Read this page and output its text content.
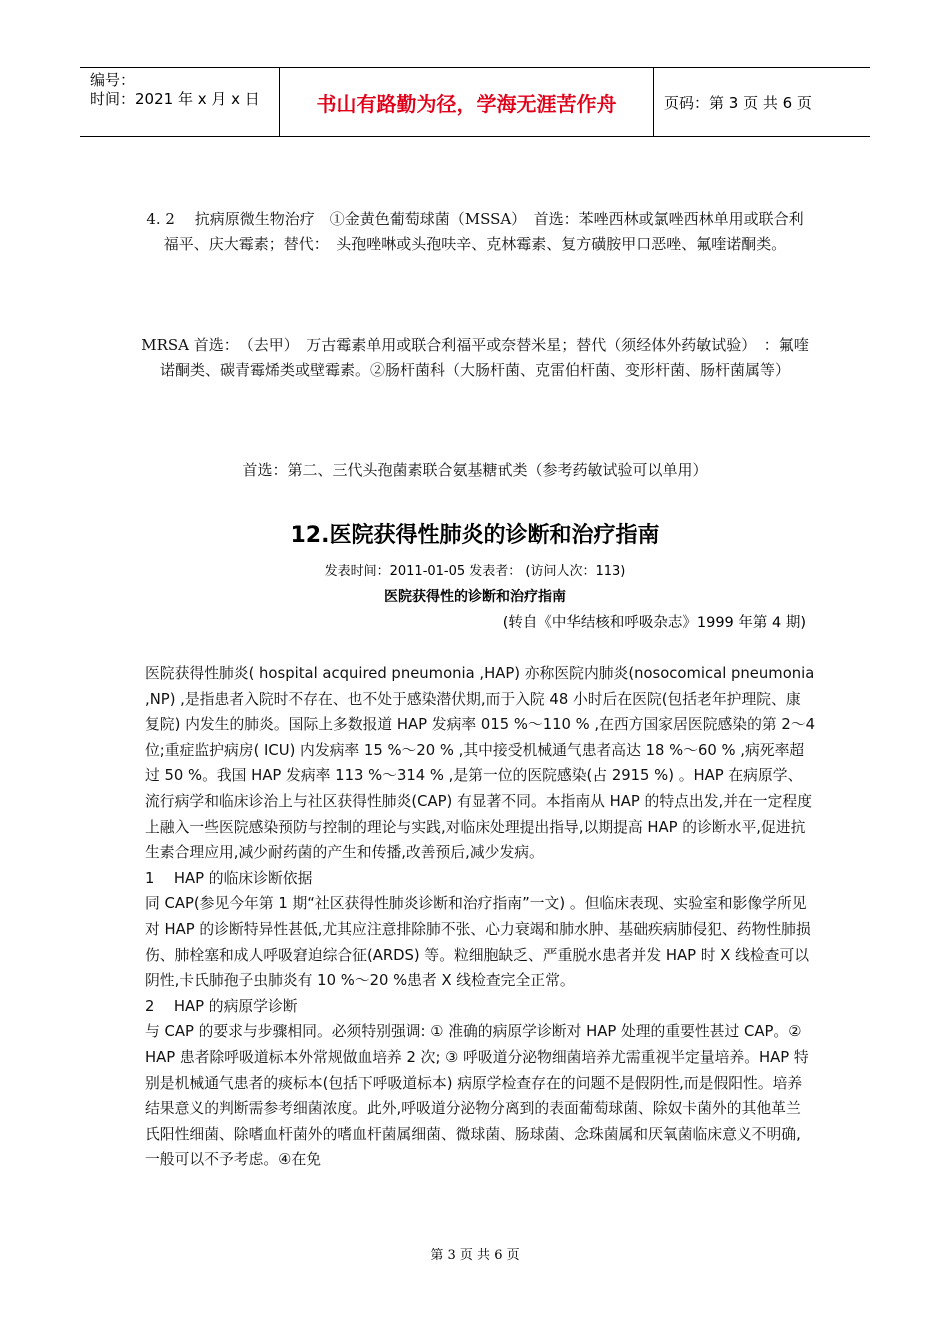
编号：
时间：2021 年 x 月 x 日	书山有路勤为径，学海无涯苦作舟	页码：第 3 页 共 6 页
4. 2　 抗病原微生物治疗　①金黄色葡萄球菌（MSSA）　首选：苯唑西林或氯唑西林单用或联合利福平、庆大霉素；替代：　头孢唑啉或头孢呋辛、克林霉素、复方磺胺甲口恶唑、氟喹诺酮类。
MRSA 首选：　（去甲）　万古霉素单用或联合利福平或奈替米星；替代（须经体外药敏试验）　：氟喹诺酮类、碳青霉烯类或壁霉素。②肠杆菌科（大肠杆菌、克雷伯杆菌、变形杆菌、肠杆菌属等）
首选：第二、三代头孢菌素联合氨基糖甙类（参考药敏试验可以单用）
12.医院获得性肺炎的诊断和治疗指南
发表时间：2011-01-05 发表者： (访问人次：113)
医院获得性的诊断和治疗指南
(转自《中华结核和呼吸杂志》1999 年第 4 期)

医院获得性肺炎( hospital acquired pneumonia ,HAP) 亦称医院内肺炎(nosocomical pneumonia ,NP) ,是指患者入院时不存在、也不处于感染潜伏期,而于入院 48 小时后在医院(包括老年护理院、康复院) 内发生的肺炎。国际上多数报道 HAP 发病率 015 %～110 % ,在西方国家居医院感染的第 2～4 位;重症监护病房( ICU) 内发病率 15 %～20 % ,其中接受机械通气患者高达 18 %～60 % ,病死率超过 50 %。我国 HAP 发病率 113 %～314 % ,是第一位的医院感染(占 2915 %) 。HAP 在病原学、流行病学和临床诊治上与社区获得性肺炎(CAP) 有显著不同。本指南从 HAP 的特点出发,并在一定程度上融入一些医院感染预防与控制的理论与实践,对临床处理提出指导,以期提高 HAP 的诊断水平,促进抗生素合理应用,减少耐药菌的产生和传播,改善预后,减少发病。

1　 HAP 的临床诊断依据

同 CAP(参见今年第 1 期“社区获得性肺炎诊断和治疗指南”一文) 。但临床表现、实验室和影像学所见对 HAP 的诊断特异性甚低,尤其应注意排除肺不张、心力衰竭和肺水肿、基础疾病肺侵犯、药物性肺损伤、肺栓塞和成人呼吸窘迫综合征(ARDS) 等。粒细胞缺乏、严重脱水患者并发 HAP 时 X 线检查可以阴性,卡氏肺孢子虫肺炎有 10 %～20 %患者 X 线检查完全正常。

2　 HAP 的病原学诊断

与 CAP 的要求与步骤相同。必须特别强调: ① 准确的病原学诊断对 HAP 处理的重要性甚过 CAP。② HAP 患者除呼吸道标本外常规做血培养 2 次; ③ 呼吸道分泌物细菌培养尤需重视半定量培养。HAP 特别是机械通气患者的痰标本(包括下呼吸道标本) 病原学检查存在的问题不是假阴性,而是假阳性。培养结果意义的判断需参考细菌浓度。此外,呼吸道分泌物分离到的表面葡萄球菌、除奴卡菌外的其他革兰氏阳性细菌、除嗜血杆菌外的嗜血杆菌属细菌、微球菌、肠球菌、念珠菌属和厌氧菌临床意义不明确,一般可以不予考虑。④在免

第 3 页 共 6 页
